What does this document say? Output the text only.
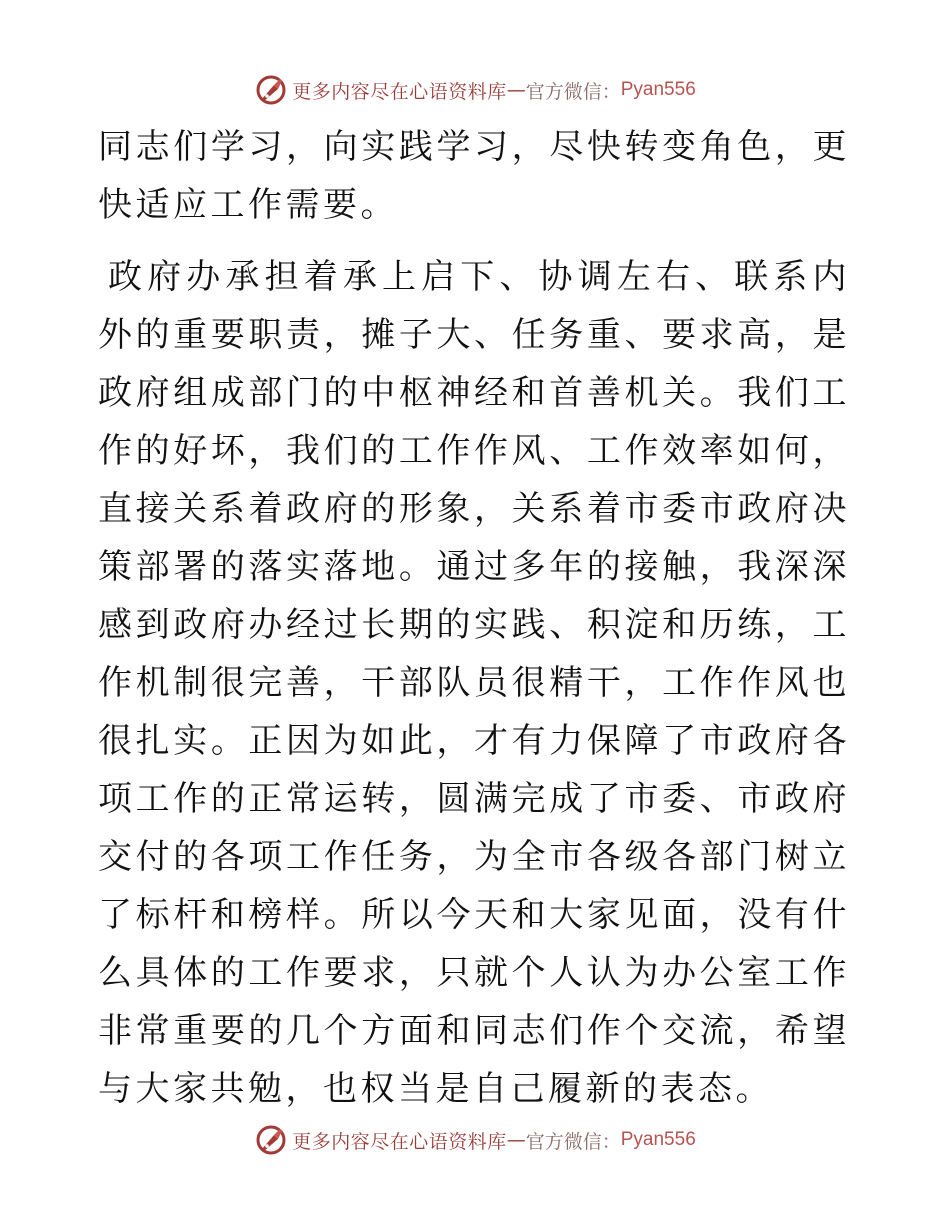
更多内容尽在心语资料库 — 官方微信： Pyan556

同志们学习，向实践学习，尽快转变角色，更快适应工作需要。

政府办承担着承上启下、协调左右、联系内外的重要职责，摊子大、任务重、要求高，是政府组成部门的中枢神经和首善机关。我们工作的好坏，我们的工作作风、工作效率如何，直接关系着政府的形象，关系着市委市政府决策部署的落实落地。通过多年的接触，我深深感到政府办经过长期的实践、积淀和历练，工作机制很完善，干部队员很精干，工作作风也很扎实。正因为如此，才有力保障了市政府各项工作的正常运转，圆满完成了市委、市政府交付的各项工作任务，为全市各级各部门树立了标杆和榜样。所以今天和大家见面，没有什么具体的工作要求，只就个人认为办公室工作非常重要的几个方面和同志们作个交流，希望与大家共勉，也权当是自己履新的表态。

更多内容尽在心语资料库 — 官方微信： Pyan556
